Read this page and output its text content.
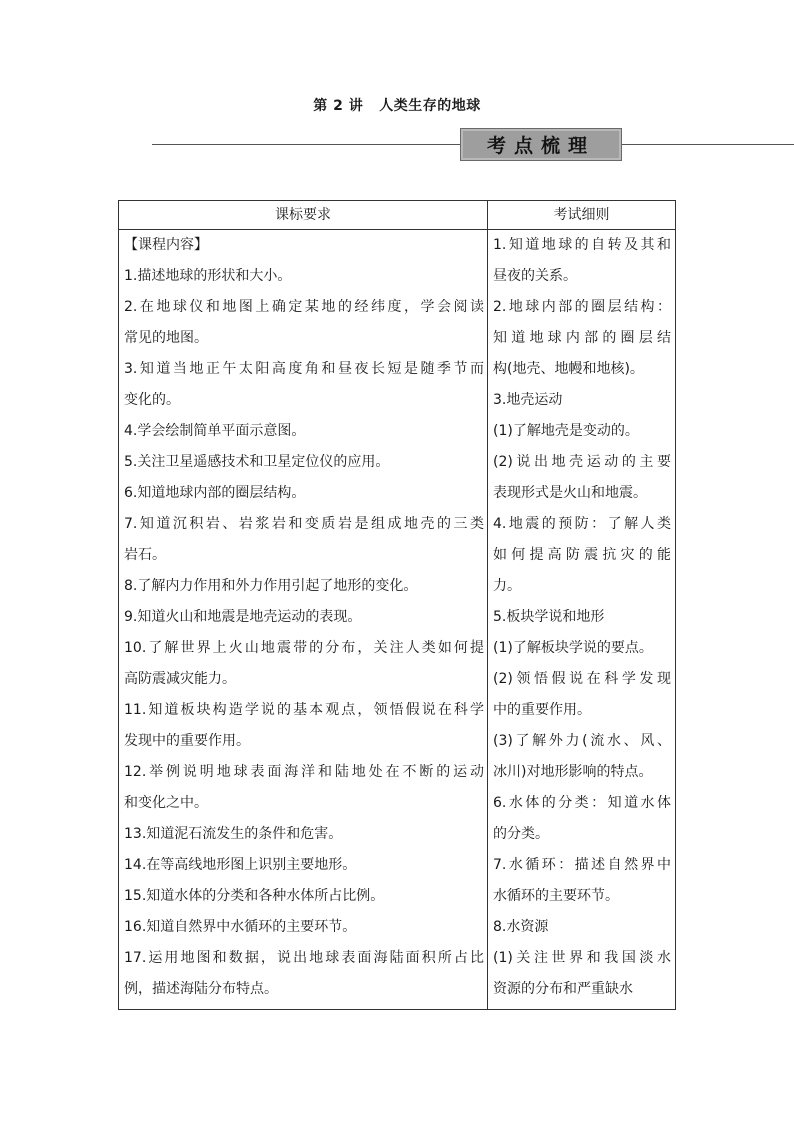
第 2 讲 人类生存的地球
考点梳理
课标要求	考试细则
【课程内容】
1.描述地球的形状和大小。
2.在地球仪和地图上确定某地的经纬度，学会阅读
常见的地图。
3.知道当地正午太阳高度角和昼夜长短是随季节而
变化的。
4.学会绘制简单平面示意图。
5.关注卫星遥感技术和卫星定位仪的应用。
6.知道地球内部的圈层结构。
7.知道沉积岩、岩浆岩和变质岩是组成地壳的三类
岩石。
8.了解内力作用和外力作用引起了地形的变化。
9.知道火山和地震是地壳运动的表现。
10.了解世界上火山地震带的分布，关注人类如何提
高防震减灾能力。
11.知道板块构造学说的基本观点，领悟假说在科学
发现中的重要作用。
12.举例说明地球表面海洋和陆地处在不断的运动
和变化之中。
13.知道泥石流发生的条件和危害。
14.在等高线地形图上识别主要地形。
15.知道水体的分类和各种水体所占比例。
16.知道自然界中水循环的主要环节。
17.运用地图和数据，说出地球表面海陆面积所占比
例，描述海陆分布特点。
1.知道地球的自转及其和
昼夜的关系。
2.地球内部的圈层结构：
知道地球内部的圈层结
构(地壳、地幔和地核)。
3.地壳运动
(1)了解地壳是变动的。
(2)说出地壳运动的主要
表现形式是火山和地震。
4.地震的预防：了解人类
如何提高防震抗灾的能
力。
5.板块学说和地形
(1)了解板块学说的要点。
(2)领悟假说在科学发现
中的重要作用。
(3)了解外力(流水、风、
冰川)对地形影响的特点。
6.水体的分类：知道水体
的分类。
7.水循环：描述自然界中
水循环的主要环节。
8.水资源
(1)关注世界和我国淡水
资源的分布和严重缺水
